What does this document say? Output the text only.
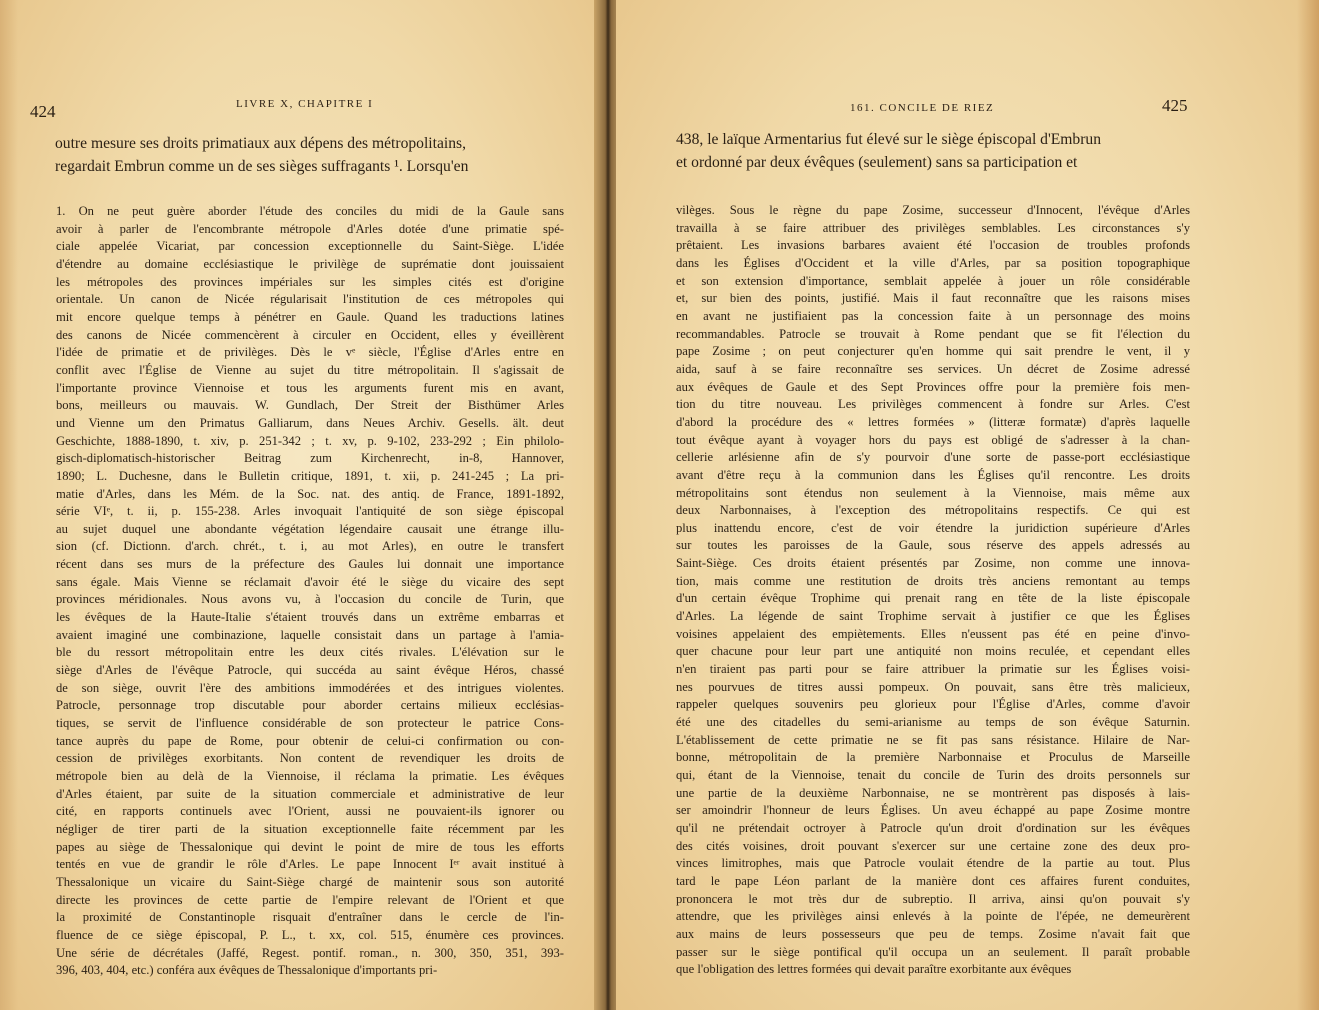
424	LIVRE X, CHAPITRE I

outre mesure ses droits primatiaux aux dépens des métropolitains,

regardait Embrun comme un de ses sièges suffragants ¹. Lorsqu'en

1. On ne peut guère aborder l'étude des conciles du midi de la Gaule sans

avoir à parler de l'encombrante métropole d'Arles dotée d'une primatie spé-

ciale appelée Vicariat, par concession exceptionnelle du Saint-Siège. L'idée

d'étendre au domaine ecclésiastique le privilège de suprématie dont jouissaient

les métropoles des provinces impériales sur les simples cités est d'origine

orientale. Un canon de Nicée régularisait l'institution de ces métropoles qui

mit encore quelque temps à pénétrer en Gaule. Quand les traductions latines

des canons de Nicée commencèrent à circuler en Occident, elles y éveillèrent

l'idée de primatie et de privilèges. Dès le vᵉ siècle, l'Église d'Arles entre en

conflit avec l'Église de Vienne au sujet du titre métropolitain. Il s'agissait de

l'importante province Viennoise et tous les arguments furent mis en avant,

bons, meilleurs ou mauvais. W. Gundlach, Der Streit der Bisthümer Arles

und Vienne um den Primatus Galliarum, dans Neues Archiv. Gesells. ält. deut

Geschichte, 1888-1890, t. xiv, p. 251-342 ; t. xv, p. 9-102, 233-292 ; Ein philolo-

gisch-diplomatisch-historischer Beitrag zum Kirchenrecht, in-8, Hannover,

1890; L. Duchesne, dans le Bulletin critique, 1891, t. xii, p. 241-245 ; La pri-

matie d'Arles, dans les Mém. de la Soc. nat. des antiq. de France, 1891-1892,

série VIᵉ, t. ii, p. 155-238. Arles invoquait l'antiquité de son siège épiscopal

au sujet duquel une abondante végétation légendaire causait une étrange illu-

sion (cf. Dictionn. d'arch. chrét., t. i, au mot Arles), en outre le transfert

récent dans ses murs de la préfecture des Gaules lui donnait une importance

sans égale. Mais Vienne se réclamait d'avoir été le siège du vicaire des sept

provinces méridionales. Nous avons vu, à l'occasion du concile de Turin, que

les évêques de la Haute-Italie s'étaient trouvés dans un extrême embarras et

avaient imaginé une combinazione, laquelle consistait dans un partage à l'amia-

ble du ressort métropolitain entre les deux cités rivales. L'élévation sur le

siège d'Arles de l'évêque Patrocle, qui succéda au saint évêque Héros, chassé

de son siège, ouvrit l'ère des ambitions immodérées et des intrigues violentes.

Patrocle, personnage trop discutable pour aborder certains milieux ecclésias-

tiques, se servit de l'influence considérable de son protecteur le patrice Cons-

tance auprès du pape de Rome, pour obtenir de celui-ci confirmation ou con-

cession de privilèges exorbitants. Non content de revendiquer les droits de

métropole bien au delà de la Viennoise, il réclama la primatie. Les évêques

d'Arles étaient, par suite de la situation commerciale et administrative de leur

cité, en rapports continuels avec l'Orient, aussi ne pouvaient-ils ignorer ou

négliger de tirer parti de la situation exceptionnelle faite récemment par les

papes au siège de Thessalonique qui devint le point de mire de tous les efforts

tentés en vue de grandir le rôle d'Arles. Le pape Innocent Iᵉʳ avait institué à

Thessalonique un vicaire du Saint-Siège chargé de maintenir sous son autorité

directe les provinces de cette partie de l'empire relevant de l'Orient et que

la proximité de Constantinople risquait d'entraîner dans le cercle de l'in-

fluence de ce siège épiscopal, P. L., t. xx, col. 515, énumère ces provinces.

Une série de décrétales (Jaffé, Regest. pontif. roman., n. 300, 350, 351, 393-

396, 403, 404, etc.) conféra aux évêques de Thessalonique d'importants pri-

161. CONCILE DE RIEZ	425

438, le laïque Armentarius fut élevé sur le siège épiscopal d'Embrun

et ordonné par deux évêques (seulement) sans sa participation et

vilèges. Sous le règne du pape Zosime, successeur d'Innocent, l'évêque d'Arles

travailla à se faire attribuer des privilèges semblables. Les circonstances s'y

prêtaient. Les invasions barbares avaient été l'occasion de troubles profonds

dans les Églises d'Occident et la ville d'Arles, par sa position topographique

et son extension d'importance, semblait appelée à jouer un rôle considérable

et, sur bien des points, justifié. Mais il faut reconnaître que les raisons mises

en avant ne justifiaient pas la concession faite à un personnage des moins

recommandables. Patrocle se trouvait à Rome pendant que se fit l'élection du

pape Zosime ; on peut conjecturer qu'en homme qui sait prendre le vent, il y

aida, sauf à se faire reconnaître ses services. Un décret de Zosime adressé

aux évêques de Gaule et des Sept Provinces offre pour la première fois men-

tion du titre nouveau. Les privilèges commencent à fondre sur Arles. C'est

d'abord la procédure des « lettres formées » (litteræ formatæ) d'après laquelle

tout évêque ayant à voyager hors du pays est obligé de s'adresser à la chan-

cellerie arlésienne afin de s'y pourvoir d'une sorte de passe-port ecclésiastique

avant d'être reçu à la communion dans les Églises qu'il rencontre. Les droits

métropolitains sont étendus non seulement à la Viennoise, mais même aux

deux Narbonnaises, à l'exception des métropolitains respectifs. Ce qui est

plus inattendu encore, c'est de voir étendre la juridiction supérieure d'Arles

sur toutes les paroisses de la Gaule, sous réserve des appels adressés au

Saint-Siège. Ces droits étaient présentés par Zosime, non comme une innova-

tion, mais comme une restitution de droits très anciens remontant au temps

d'un certain évêque Trophime qui prenait rang en tête de la liste épiscopale

d'Arles. La légende de saint Trophime servait à justifier ce que les Églises

voisines appelaient des empiètements. Elles n'eussent pas été en peine d'invo-

quer chacune pour leur part une antiquité non moins reculée, et cependant elles

n'en tiraient pas parti pour se faire attribuer la primatie sur les Églises voisi-

nes pourvues de titres aussi pompeux. On pouvait, sans être très malicieux,

rappeler quelques souvenirs peu glorieux pour l'Église d'Arles, comme d'avoir

été une des citadelles du semi-arianisme au temps de son évêque Saturnin.

L'établissement de cette primatie ne se fit pas sans résistance. Hilaire de Nar-

bonne, métropolitain de la première Narbonnaise et Proculus de Marseille

qui, étant de la Viennoise, tenait du concile de Turin des droits personnels sur

une partie de la deuxième Narbonnaise, ne se montrèrent pas disposés à lais-

ser amoindrir l'honneur de leurs Églises. Un aveu échappé au pape Zosime montre

qu'il ne prétendait octroyer à Patrocle qu'un droit d'ordination sur les évêques

des cités voisines, droit pouvant s'exercer sur une certaine zone des deux pro-

vinces limitrophes, mais que Patrocle voulait étendre de la partie au tout. Plus

tard le pape Léon parlant de la manière dont ces affaires furent conduites,

prononcera le mot très dur de subreptio. Il arriva, ainsi qu'on pouvait s'y

attendre, que les privilèges ainsi enlevés à la pointe de l'épée, ne demeurèrent

aux mains de leurs possesseurs que peu de temps. Zosime n'avait fait que

passer sur le siège pontifical qu'il occupa un an seulement. Il paraît probable

que l'obligation des lettres formées qui devait paraître exorbitante aux évêques
